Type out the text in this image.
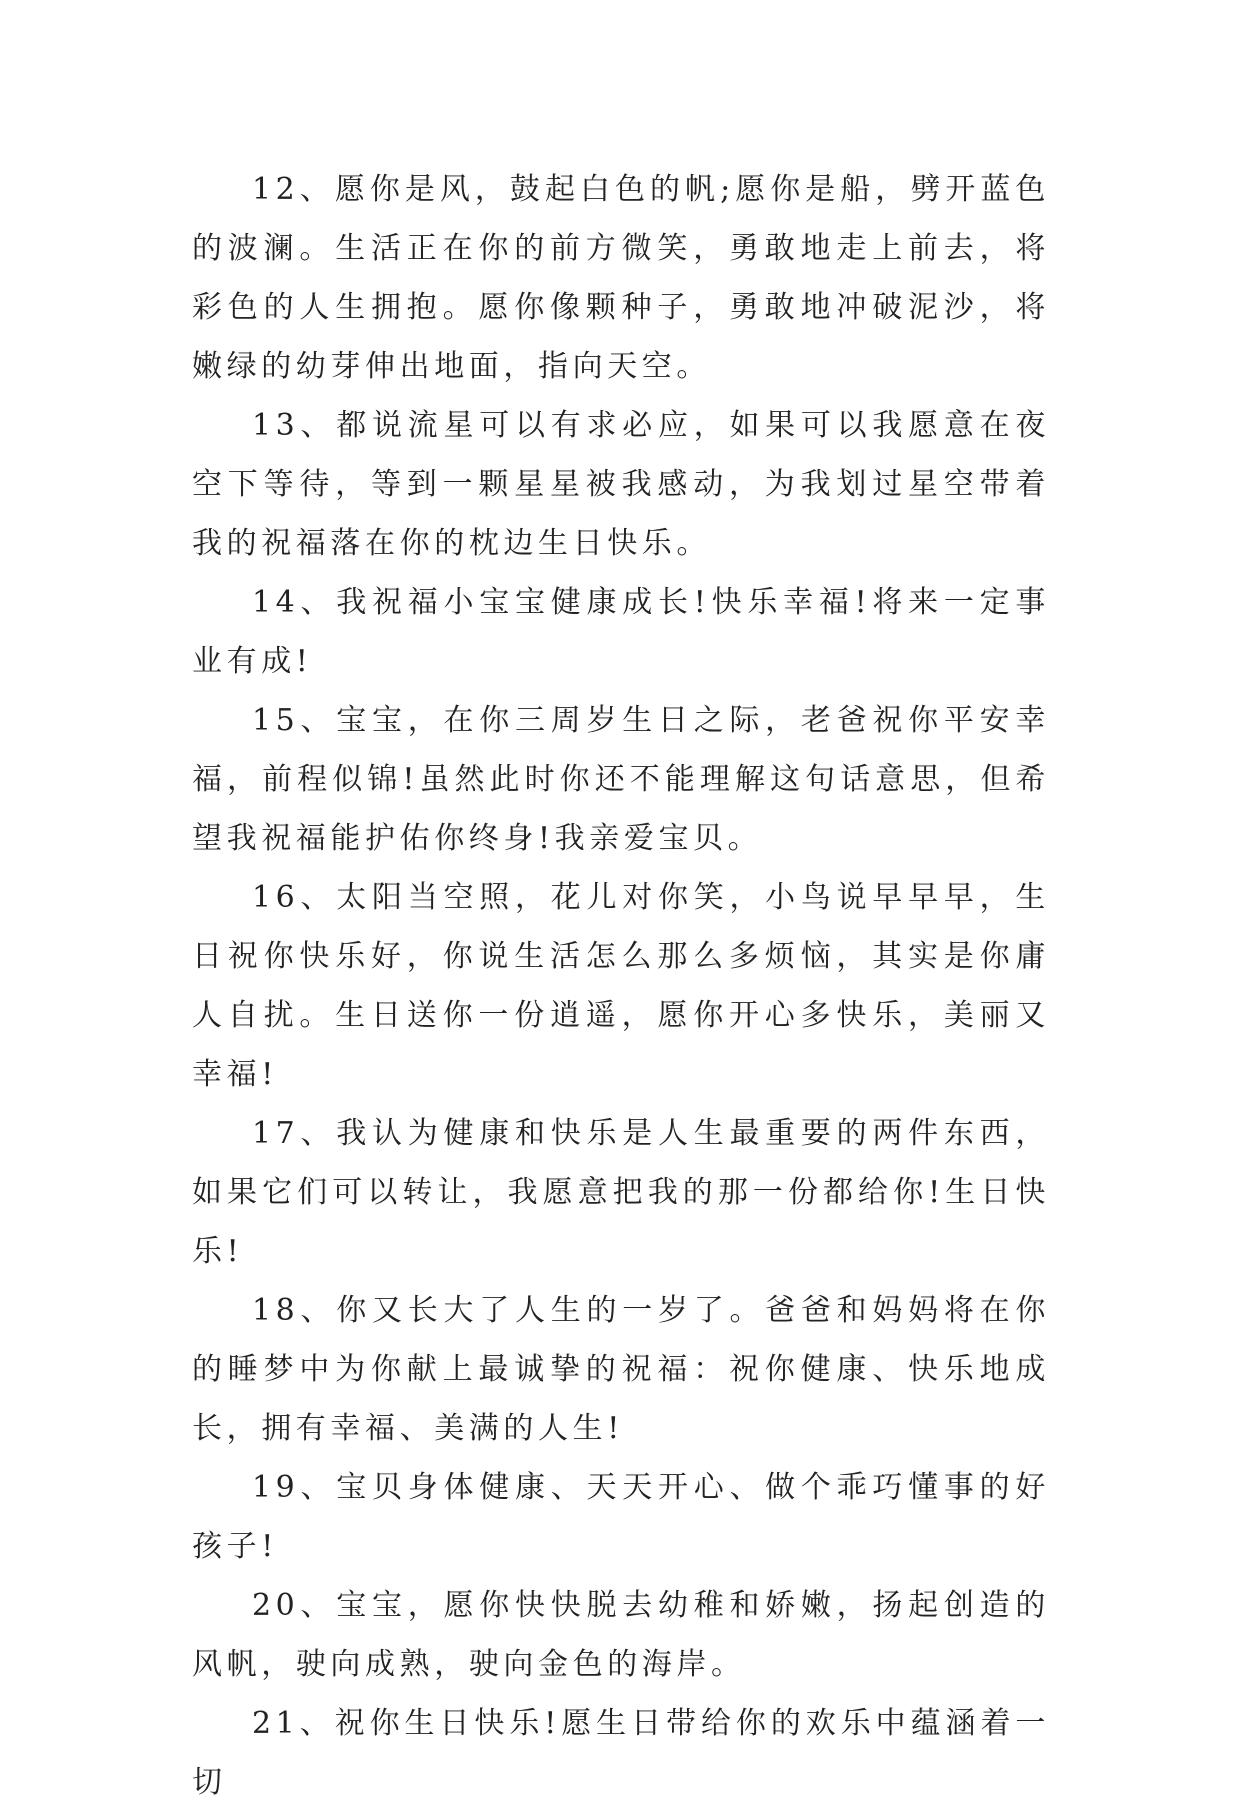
12、愿你是风，鼓起白色的帆;愿你是船，劈开蓝色的波澜。生活正在你的前方微笑，勇敢地走上前去，将彩色的人生拥抱。愿你像颗种子，勇敢地冲破泥沙，将嫩绿的幼芽伸出地面，指向天空。

13、都说流星可以有求必应，如果可以我愿意在夜空下等待，等到一颗星星被我感动，为我划过星空带着我的祝福落在你的枕边生日快乐。

14、我祝福小宝宝健康成长!快乐幸福!将来一定事业有成!

15、宝宝，在你三周岁生日之际，老爸祝你平安幸福，前程似锦!虽然此时你还不能理解这句话意思，但希望我祝福能护佑你终身!我亲爱宝贝。

16、太阳当空照，花儿对你笑，小鸟说早早早，生日祝你快乐好，你说生活怎么那么多烦恼，其实是你庸人自扰。生日送你一份逍遥，愿你开心多快乐，美丽又幸福!

17、我认为健康和快乐是人生最重要的两件东西，如果它们可以转让，我愿意把我的那一份都给你!生日快乐!

18、你又长大了人生的一岁了。爸爸和妈妈将在你的睡梦中为你献上最诚挚的祝福：祝你健康、快乐地成长，拥有幸福、美满的人生!

19、宝贝身体健康、天天开心、做个乖巧懂事的好孩子!

20、宝宝，愿你快快脱去幼稚和娇嫩，扬起创造的风帆，驶向成熟，驶向金色的海岸。

21、祝你生日快乐!愿生日带给你的欢乐中蕴涵着一切
